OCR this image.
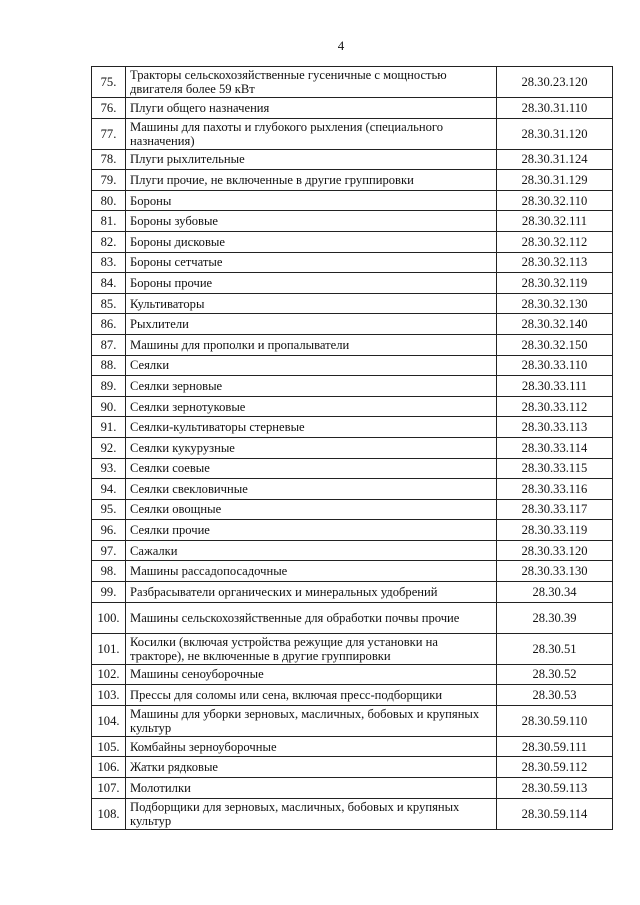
4
75.	Тракторы сельскохозяйственные гусеничные с мощностью двигателя более 59 кВт	28.30.23.120
76.	Плуги общего назначения	28.30.31.110
77.	Машины для пахоты и глубокого рыхления (специального назначения)	28.30.31.120
78.	Плуги рыхлительные	28.30.31.124
79.	Плуги прочие, не включенные в другие группировки	28.30.31.129
80.	Бороны	28.30.32.110
81.	Бороны зубовые	28.30.32.111
82.	Бороны дисковые	28.30.32.112
83.	Бороны сетчатые	28.30.32.113
84.	Бороны прочие	28.30.32.119
85.	Культиваторы	28.30.32.130
86.	Рыхлители	28.30.32.140
87.	Машины для прополки и пропалыватели	28.30.32.150
88.	Сеялки	28.30.33.110
89.	Сеялки зерновые	28.30.33.111
90.	Сеялки зернотуковые	28.30.33.112
91.	Сеялки-культиваторы стерневые	28.30.33.113
92.	Сеялки кукурузные	28.30.33.114
93.	Сеялки соевые	28.30.33.115
94.	Сеялки свекловичные	28.30.33.116
95.	Сеялки овощные	28.30.33.117
96.	Сеялки прочие	28.30.33.119
97.	Сажалки	28.30.33.120
98.	Машины рассадопосадочные	28.30.33.130
99.	Разбрасыватели органических и минеральных удобрений	28.30.34
100.	Машины сельскохозяйственные для обработки почвы прочие	28.30.39
101.	Косилки (включая устройства режущие для установки на тракторе), не включенные в другие группировки	28.30.51
102.	Машины сеноуборочные	28.30.52
103.	Прессы для соломы или сена, включая пресс-подборщики	28.30.53
104.	Машины для уборки зерновых, масличных, бобовых и крупяных культур	28.30.59.110
105.	Комбайны зерноуборочные	28.30.59.111
106.	Жатки рядковые	28.30.59.112
107.	Молотилки	28.30.59.113
108.	Подборщики для зерновых, масличных, бобовых и крупяных культур	28.30.59.114
